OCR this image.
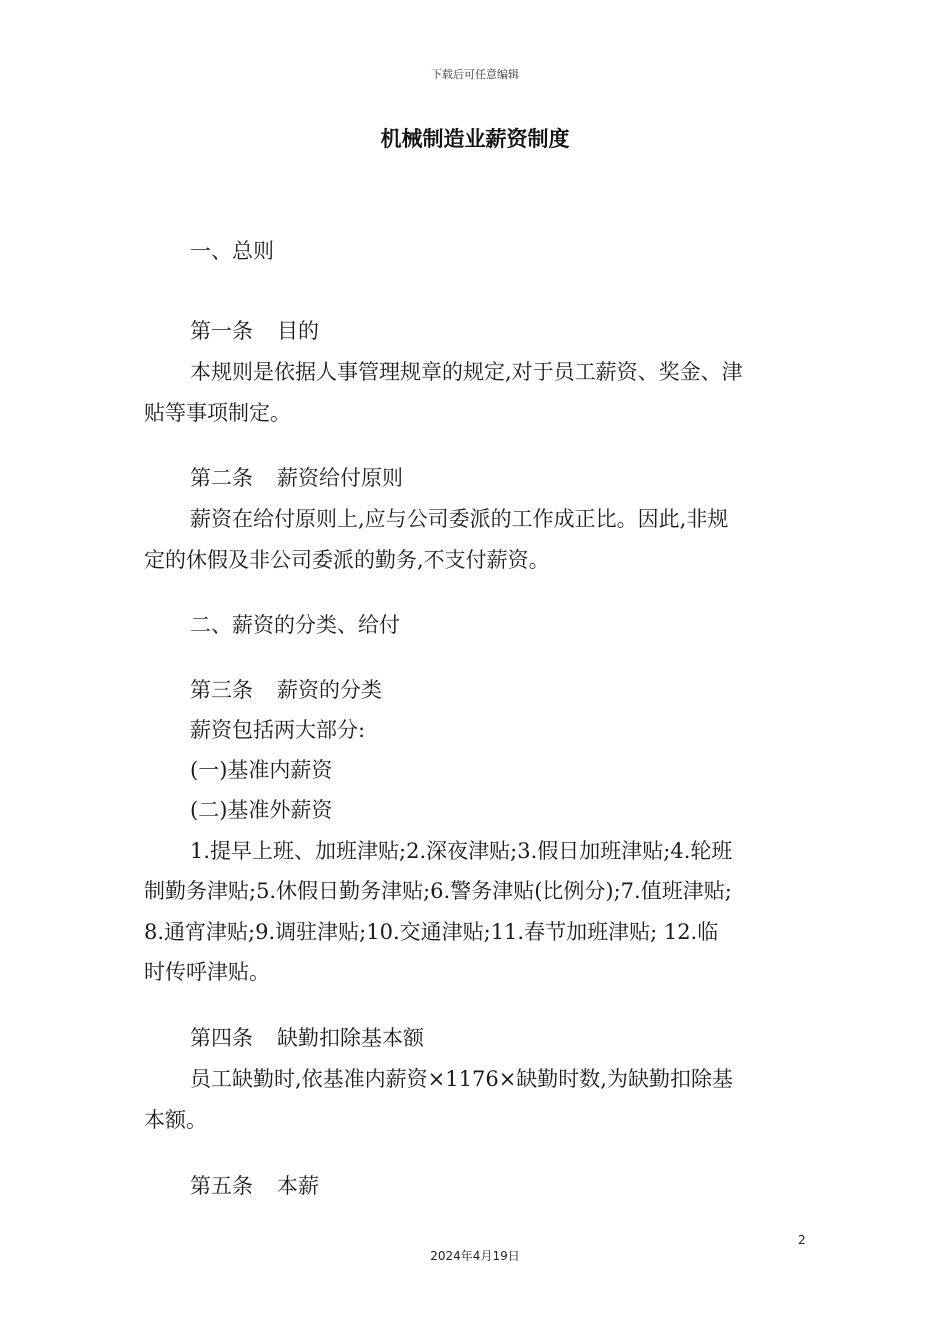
下载后可任意编辑
机械制造业薪资制度
一、总则
第一条 目的
本规则是依据人事管理规章的规定,对于员工薪资、奖金、津
贴等事项制定。
第二条 薪资给付原则
薪资在给付原则上,应与公司委派的工作成正比。因此,非规
定的休假及非公司委派的勤务,不支付薪资。
二、薪资的分类、给付
第三条 薪资的分类
薪资包括两大部分:
(一)基准内薪资
(二)基准外薪资
1.提早上班、加班津贴;2.深夜津贴;3.假日加班津贴;4.轮班
制勤务津贴;5.休假日勤务津贴;6.警务津贴(比例分);7.值班津贴;
8.通宵津贴;9.调驻津贴;10.交通津贴;11.春节加班津贴; 12.临
时传呼津贴。
第四条 缺勤扣除基本额
员工缺勤时,依基准内薪资×1176×缺勤时数,为缺勤扣除基
本额。
第五条 本薪
2
2024年4月19日
